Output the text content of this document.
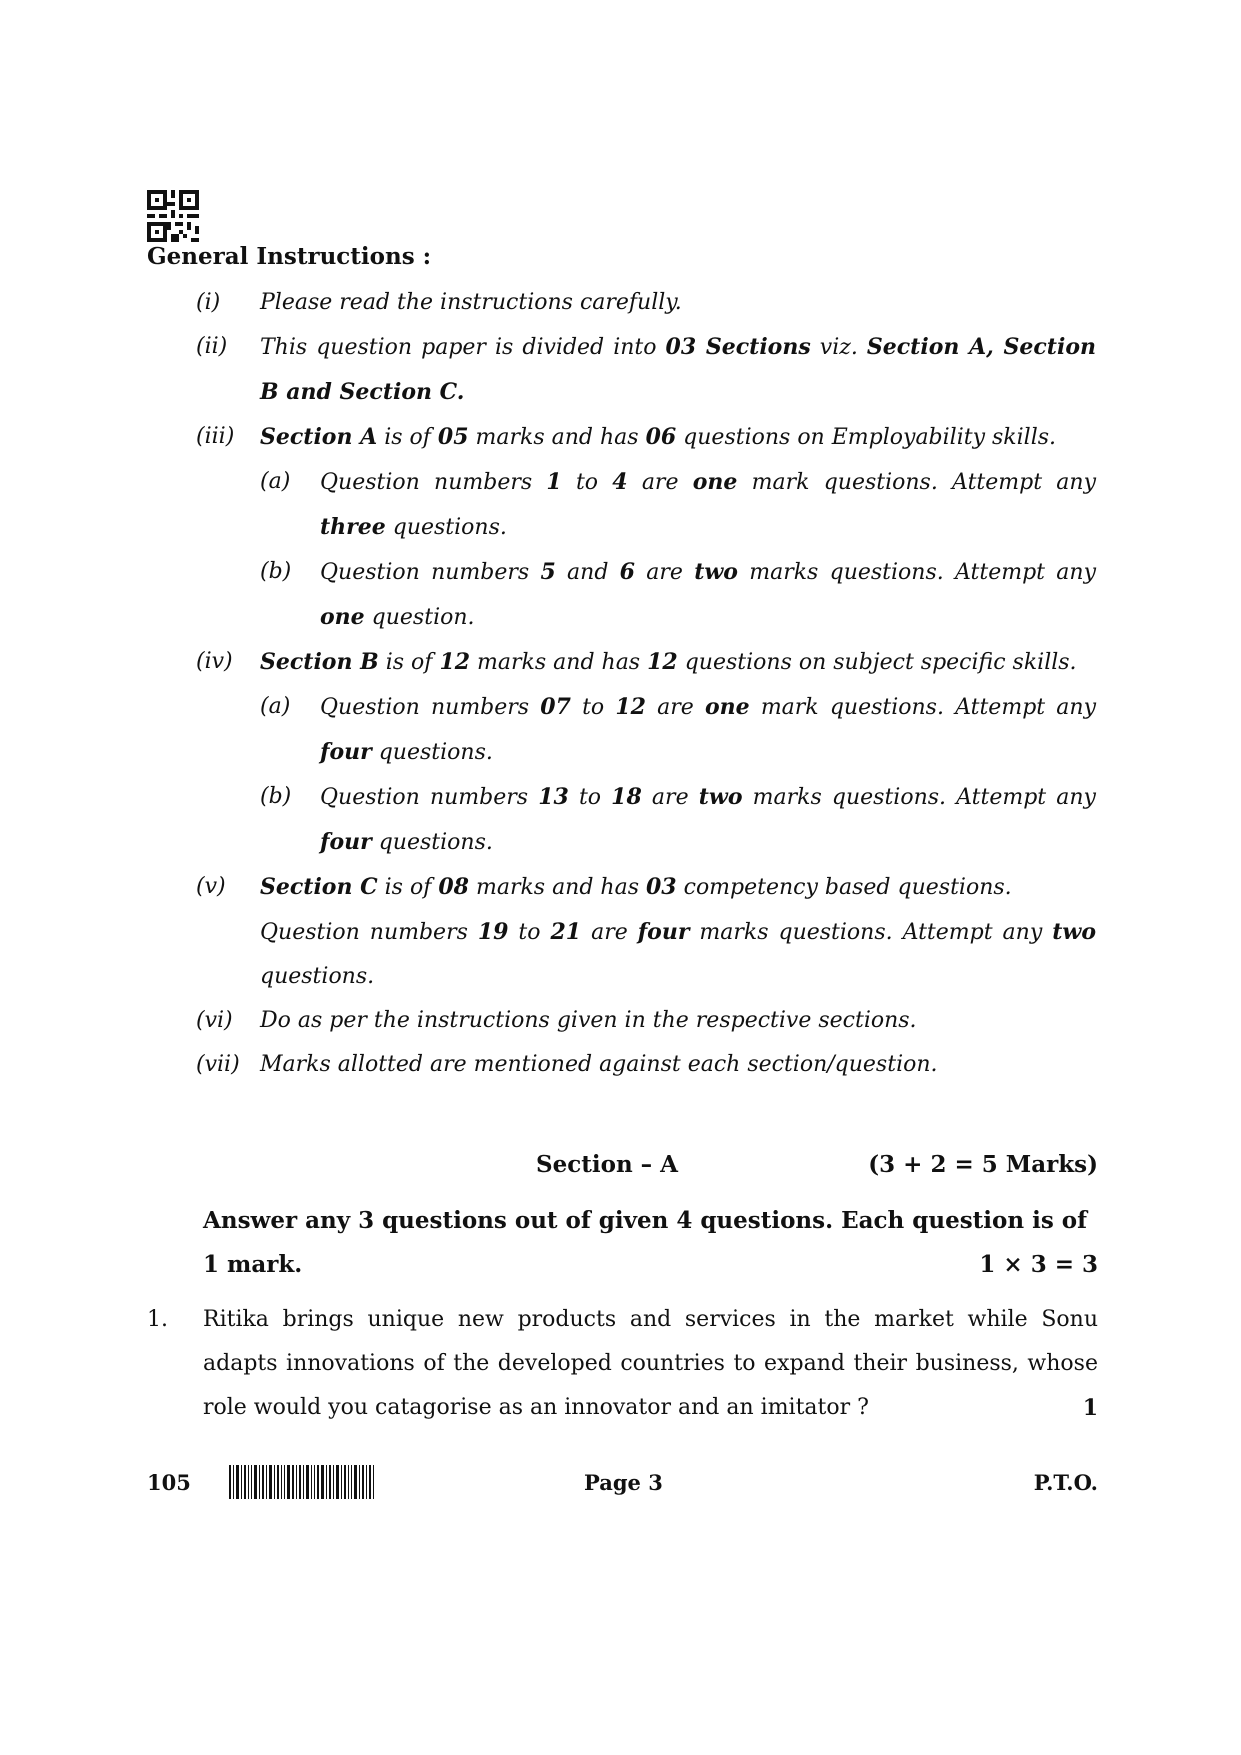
General Instructions :
(i) Please read the instructions carefully.
(ii) This question paper is divided into 03 Sections viz. Section A, Section B and Section C.
(iii) Section A is of 05 marks and has 06 questions on Employability skills.
(a) Question numbers 1 to 4 are one mark questions. Attempt any three questions.
(b) Question numbers 5 and 6 are two marks questions. Attempt any one question.
(iv) Section B is of 12 marks and has 12 questions on subject specific skills.
(a) Question numbers 07 to 12 are one mark questions. Attempt any four questions.
(b) Question numbers 13 to 18 are two marks questions. Attempt any four questions.
(v) Section C is of 08 marks and has 03 competency based questions.
Question numbers 19 to 21 are four marks questions. Attempt any two questions.
(vi) Do as per the instructions given in the respective sections.
(vii) Marks allotted are mentioned against each section/question.
Section – A	(3 + 2 = 5 Marks)
Answer any 3 questions out of given 4 questions. Each question is of 1 mark.	1 × 3 = 3
1.	Ritika brings unique new products and services in the market while Sonu adapts innovations of the developed countries to expand their business, whose role would you catagorise as an innovator and an imitator ?	1
105	Page 3	P.T.O.
